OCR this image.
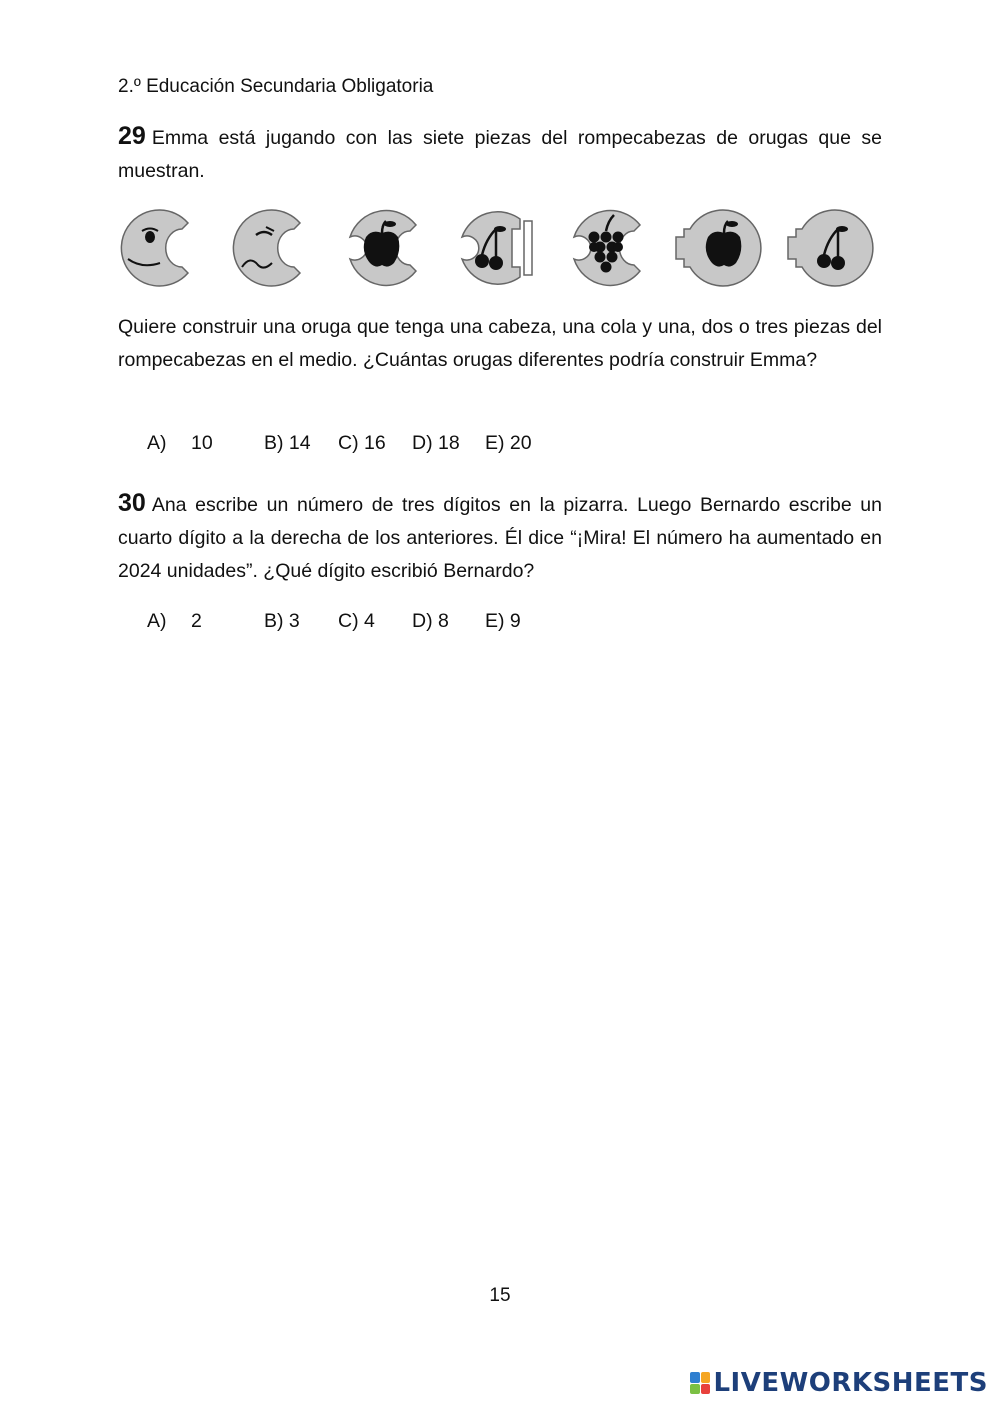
2.º Educación Secundaria Obligatoria
29 Emma está jugando con las siete piezas del rompecabezas de orugas que se muestran.
Quiere construir una oruga que tenga una cabeza, una cola y una, dos o tres piezas del rompecabezas en el medio. ¿Cuántas orugas diferentes podría construir Emma?
A) 10	B) 14 C) 16 D) 18 E) 20
30 Ana escribe un número de tres dígitos en la pizarra. Luego Bernardo escribe un cuarto dígito a la derecha de los anteriores. Él dice “¡Mira! El número ha aumentado en 2024 unidades”. ¿Qué dígito escribió Bernardo?
A) 2	B) 3 C) 4 D) 8 E) 9
15
LIVEWORKSHEETS
